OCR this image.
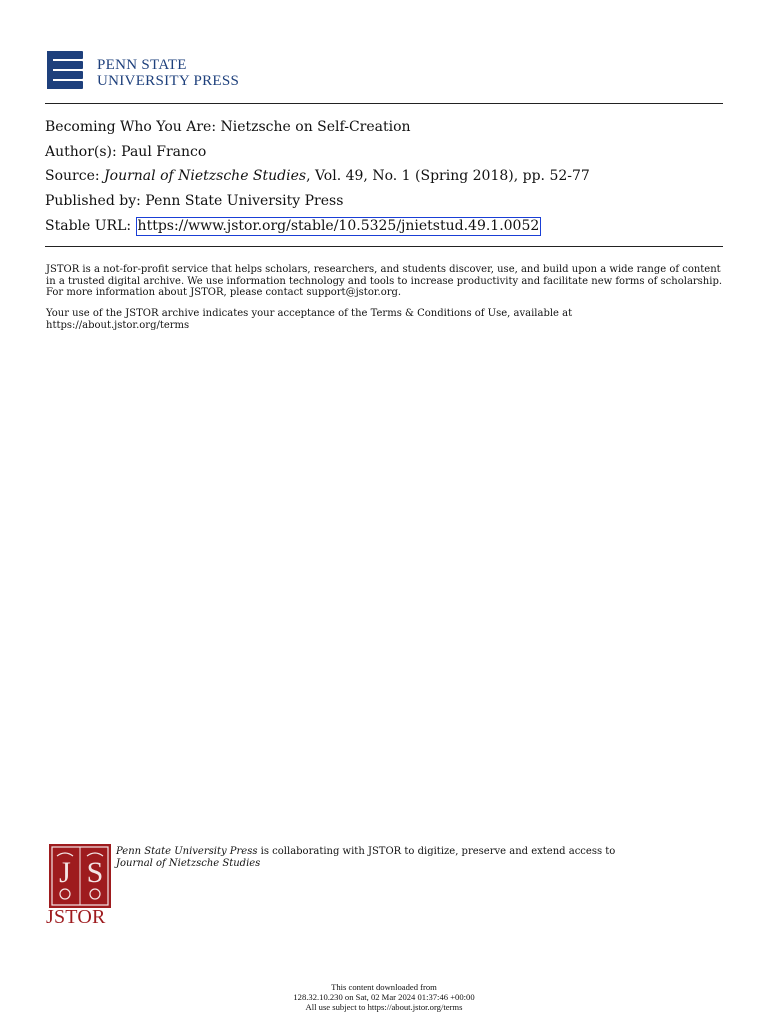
PENN STATE
UNIVERSITY PRESS
Becoming Who You Are: Nietzsche on Self-Creation
Author(s): Paul Franco
Source: Journal of Nietzsche Studies, Vol. 49, No. 1 (Spring 2018), pp. 52-77
Published by: Penn State University Press
Stable URL: https://www.jstor.org/stable/10.5325/jnietstud.49.1.0052
JSTOR is a not-for-profit service that helps scholars, researchers, and students discover, use, and build upon a wide range of content in a trusted digital archive. We use information technology and tools to increase productivity and facilitate new forms of scholarship. For more information about JSTOR, please contact support@jstor.org.
Your use of the JSTOR archive indicates your acceptance of the Terms & Conditions of Use, available at https://about.jstor.org/terms
J S
JSTOR
Penn State University Press is collaborating with JSTOR to digitize, preserve and extend access to
Journal of Nietzsche Studies
This content downloaded from
128.32.10.230 on Sat, 02 Mar 2024 01:37:46 +00:00
All use subject to https://about.jstor.org/terms
